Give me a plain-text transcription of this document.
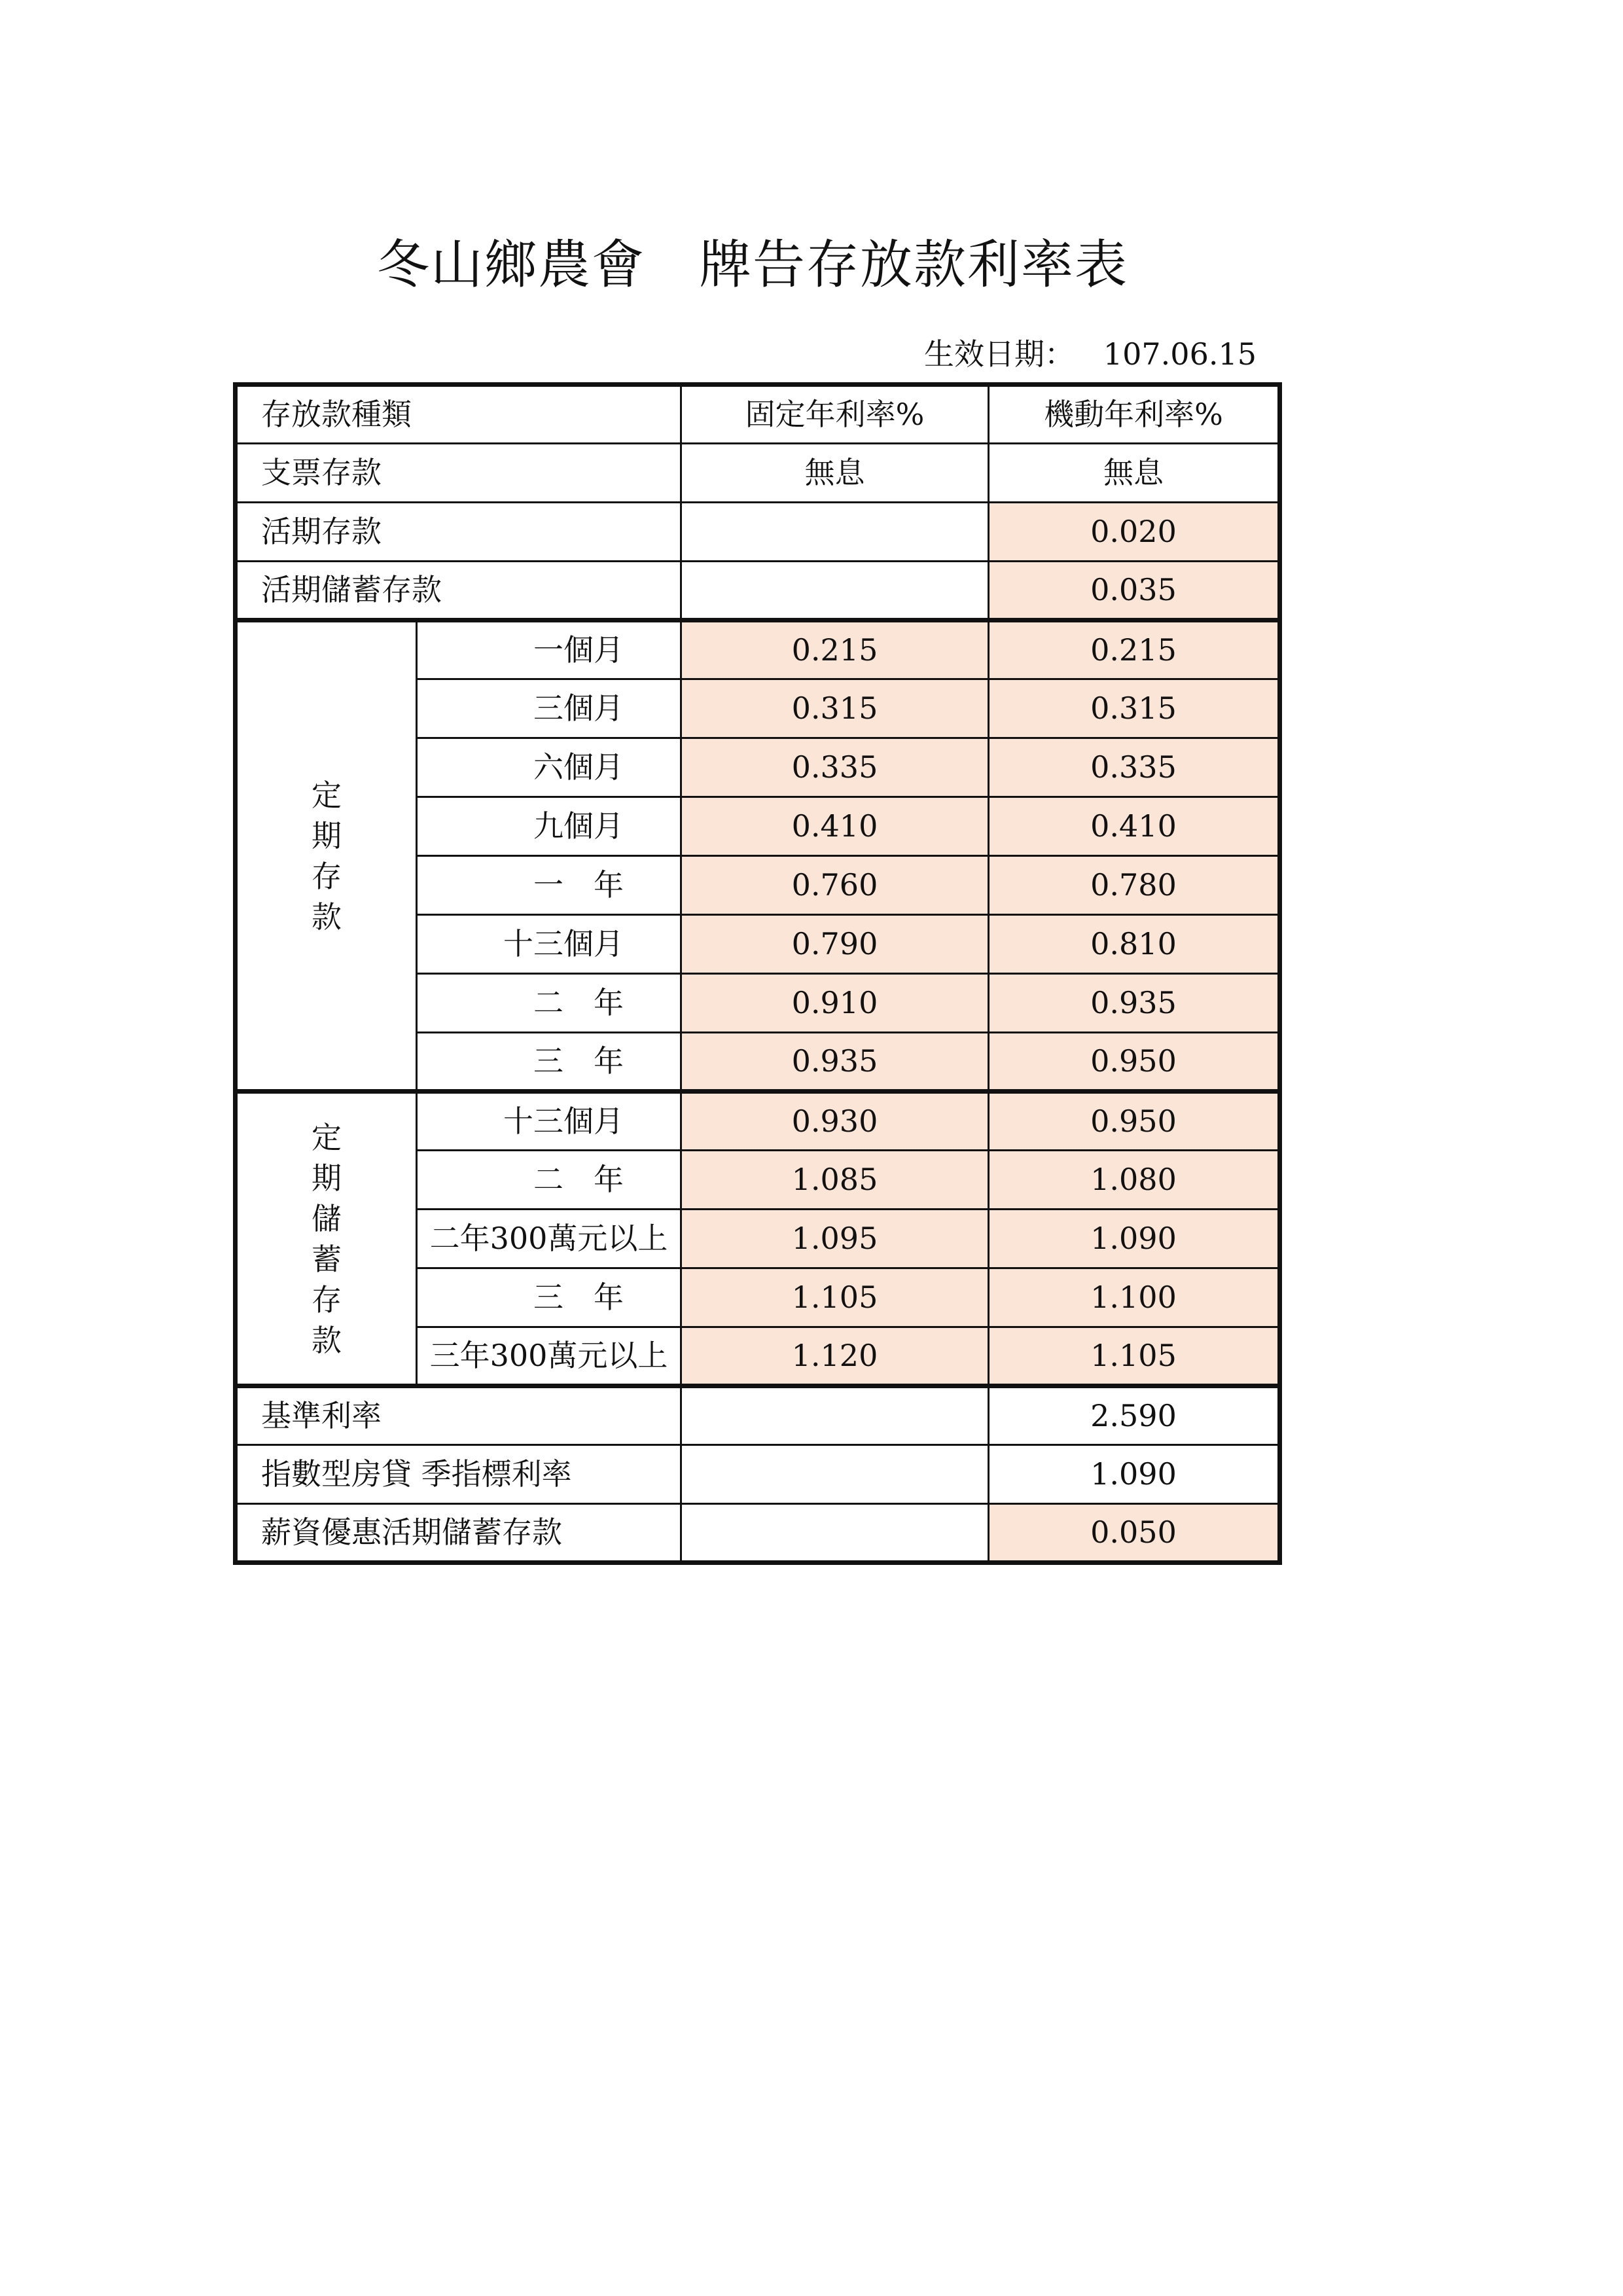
冬山鄉農會　牌告存放款利率表
生效日期： 107.06.15
存放款種類		固定年利率%	機動年利率%
支票存款		無息	無息
活期存款			0.020
活期儲蓄存款			0.035
定期存款	一個月	0.215	0.215
	三個月	0.315	0.315
	六個月	0.335	0.335
	九個月	0.410	0.410
	一　年	0.760	0.780
	十三個月	0.790	0.810
	二　年	0.910	0.935
	三　年	0.935	0.950
定期儲蓄存款	十三個月	0.930	0.950
	二　年	1.085	1.080
	二年300萬元以上	1.095	1.090
	三　年	1.105	1.100
	三年300萬元以上	1.120	1.105
基準利率			2.590
指數型房貸 季指標利率			1.090
薪資優惠活期儲蓄存款			0.050
